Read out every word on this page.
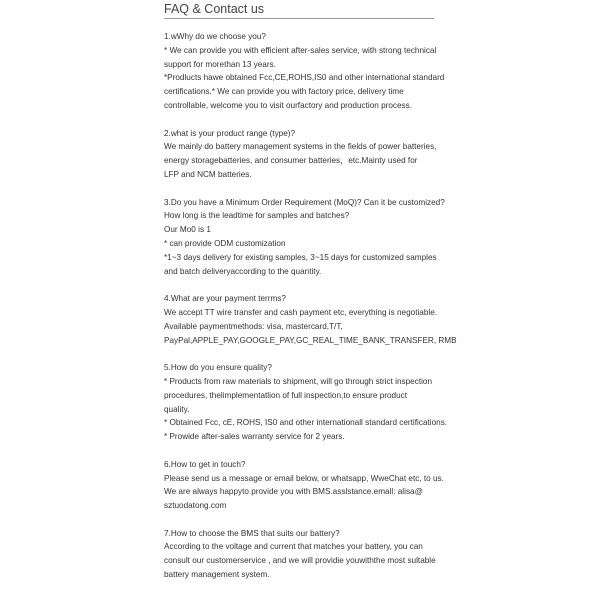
FAQ & Contact us
1.wWhy do we choose you?
* We can provide you with efficient after-sales service, with strong technical
support for morethan 13 years.
*Prodlucts hawe obtained Fcc,CE,ROHS,IS0 and other international standard
certifications.* We can provide you with factory price, delivery time
controllable, welcome you to visit ourfactory and production process.
2.what is your product range (type)?
We mainly do battery management systems in the fields of power batteries,
energy storagebatteries, and consumer batteries，etc.Mainty used for
LFP and NCM batteries.
3.Do you have a Minimum Order Requirement (MoQ)? Can it be customized?
How long is the leadtime for samples and batches?
Our Mo0 is 1
* can provide ODM customization
*1~3 days delivery for existing samples, 3~15 days for customized samples
and batch deliveryaccording to the quantity.
4.What are your payment terrms?
We accept TT wire transfer and cash payment etc, everything is negotiable.
Available paymentmethods: visa, mastercard,T/T,
PayPal,APPLE_PAY,GOOGLE_PAY,GC_REAL_TIME_BANK_TRANSFER, RMB
5.How do you ensure quality?
* Products from raw materials to shipment, will go through strict inspection
procedures, thelimplementatlion of full inspection,to ensure product
quality.
* Obtained Fcc, cE, ROHS, IS0 and other internationall standard certifications.
* Prowide after-sales warranty service for 2 years.
6.How to get in touch?
Please send us a message or email below, or whatsapp, WweChat etc, to us.
We are always happyto provide you with BMS.asslstance.emall: alisa@
sztuodatong.com
7.How to choose the BMS that suits our battery?
According to the voltage and current that matches your battery, you can
consult our customerservice , and we will providie youwiththe most sultable
battery management system.
